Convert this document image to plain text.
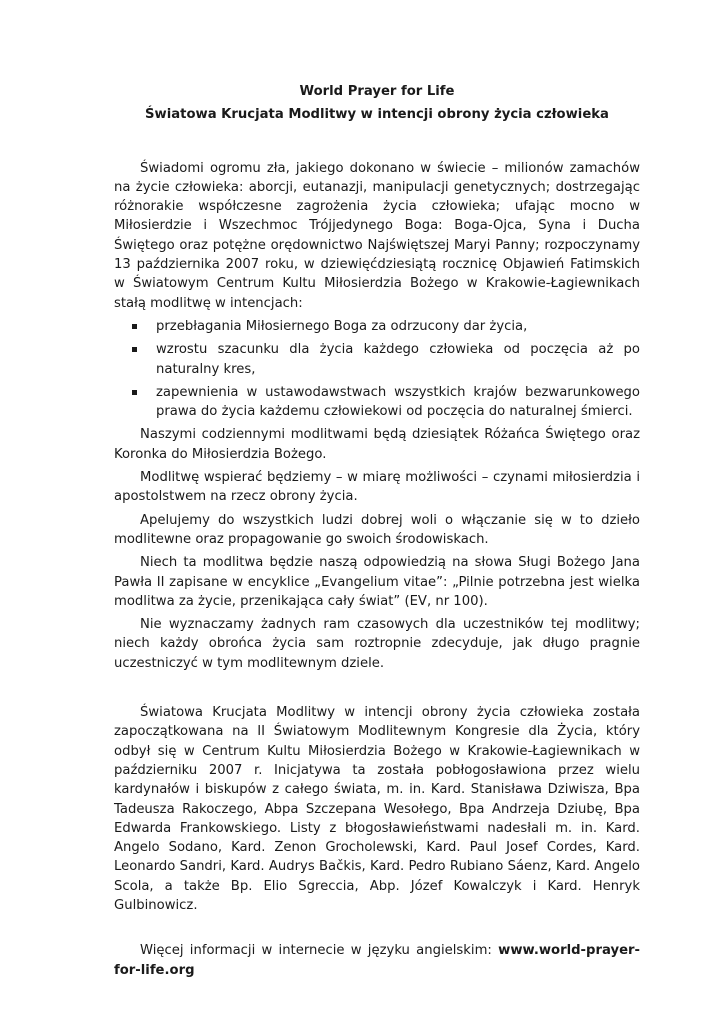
World Prayer for Life

Światowa Krucjata Modlitwy w intencji obrony życia człowieka

Świadomi ogromu zła, jakiego dokonano w świecie – milionów zamachów na życie człowieka: aborcji, eutanazji, manipulacji genetycznych; dostrzegając różnorakie współczesne zagrożenia życia człowieka; ufając mocno w Miłosierdzie i Wszechmoc Trójjedynego Boga: Boga-Ojca, Syna i Ducha Świętego oraz potężne orędownictwo Najświętszej Maryi Panny; rozpoczynamy 13 października 2007 roku, w dziewięćdziesiątą rocznicę Objawień Fatimskich w Światowym Centrum Kultu Miłosierdzia Bożego w Krakowie-Łagiewnikach stałą modlitwę w intencjach:

przebłagania Miłosiernego Boga za odrzucony dar życia,
wzrostu szacunku dla życia każdego człowieka od poczęcia aż po naturalny kres,
zapewnienia w ustawodawstwach wszystkich krajów bezwarunkowego prawa do życia każdemu człowiekowi od poczęcia do naturalnej śmierci.

Naszymi codziennymi modlitwami będą dziesiątek Różańca Świętego oraz Koronka do Miłosierdzia Bożego.

Modlitwę wspierać będziemy – w miarę możliwości – czynami miłosierdzia i apostolstwem na rzecz obrony życia.

Apelujemy do wszystkich ludzi dobrej woli o włączanie się w to dzieło modlitewne oraz propagowanie go swoich środowiskach.

Niech ta modlitwa będzie naszą odpowiedzią na słowa Sługi Bożego Jana Pawła II zapisane w encyklice „Evangelium vitae”: „Pilnie potrzebna jest wielka modlitwa za życie, przenikająca cały świat” (EV, nr 100).

Nie wyznaczamy żadnych ram czasowych dla uczestników tej modlitwy; niech każdy obrońca życia sam roztropnie zdecyduje, jak długo pragnie uczestniczyć w tym modlitewnym dziele.

Światowa Krucjata Modlitwy w intencji obrony życia człowieka została zapoczątkowana na II Światowym Modlitewnym Kongresie dla Życia, który odbył się w Centrum Kultu Miłosierdzia Bożego w Krakowie-Łagiewnikach w październiku 2007 r. Inicjatywa ta została pobłogosławiona przez wielu kardynałów i biskupów z całego świata, m. in. Kard. Stanisława Dziwisza, Bpa Tadeusza Rakoczego, Abpa Szczepana Wesołego, Bpa Andrzeja Dziubę, Bpa Edwarda Frankowskiego. Listy z błogosławieństwami nadesłali m. in. Kard. Angelo Sodano, Kard. Zenon Grocholewski, Kard. Paul Josef Cordes, Kard. Leonardo Sandri, Kard. Audrys Bačkis, Kard. Pedro Rubiano Sáenz, Kard. Angelo Scola, a także Bp. Elio Sgreccia, Abp. Józef Kowalczyk i Kard. Henryk Gulbinowicz.

Więcej informacji w internecie w języku angielskim: www.world-prayer-for-life.org
